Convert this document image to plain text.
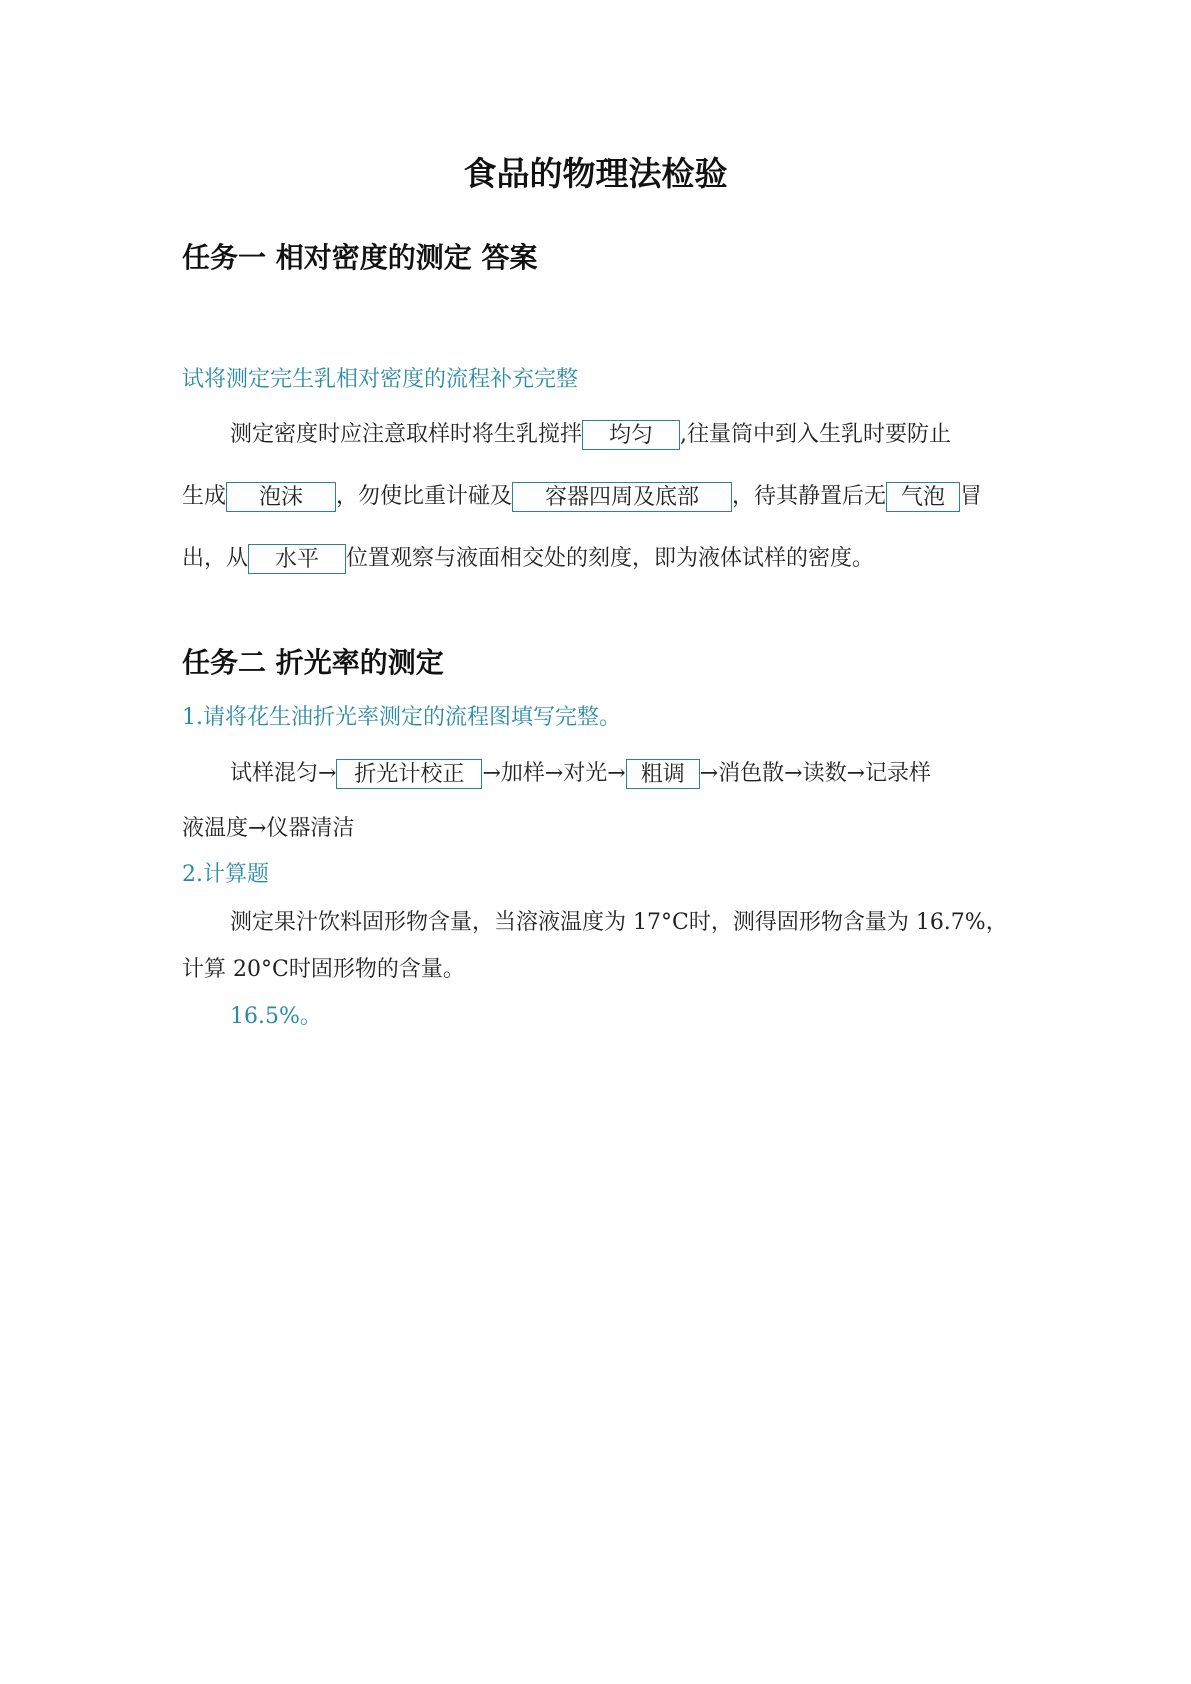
食品的物理法检验
任务一 相对密度的测定 答案
试将测定完生乳相对密度的流程补充完整
测定密度时应注意取样时将生乳搅拌	均匀	,往量筒中到入生乳时要防止
生成	泡沫	，勿使比重计碰及	容器四周及底部	，待其静置后无 气泡 冒
出，从	水平	位置观察与液面相交处的刻度，即为液体试样的密度。
任务二 折光率的测定
1.请将花生油折光率测定的流程图填写完整。
试样混匀→ 折光计校正 →加样→对光→ 粗调 →消色散→读数→记录样
液温度→仪器清洁
2.计算题
测定果汁饮料固形物含量，当溶液温度为 17°C时，测得固形物含量为 16.7%，
计算 20°C时固形物的含量。
16.5%。
